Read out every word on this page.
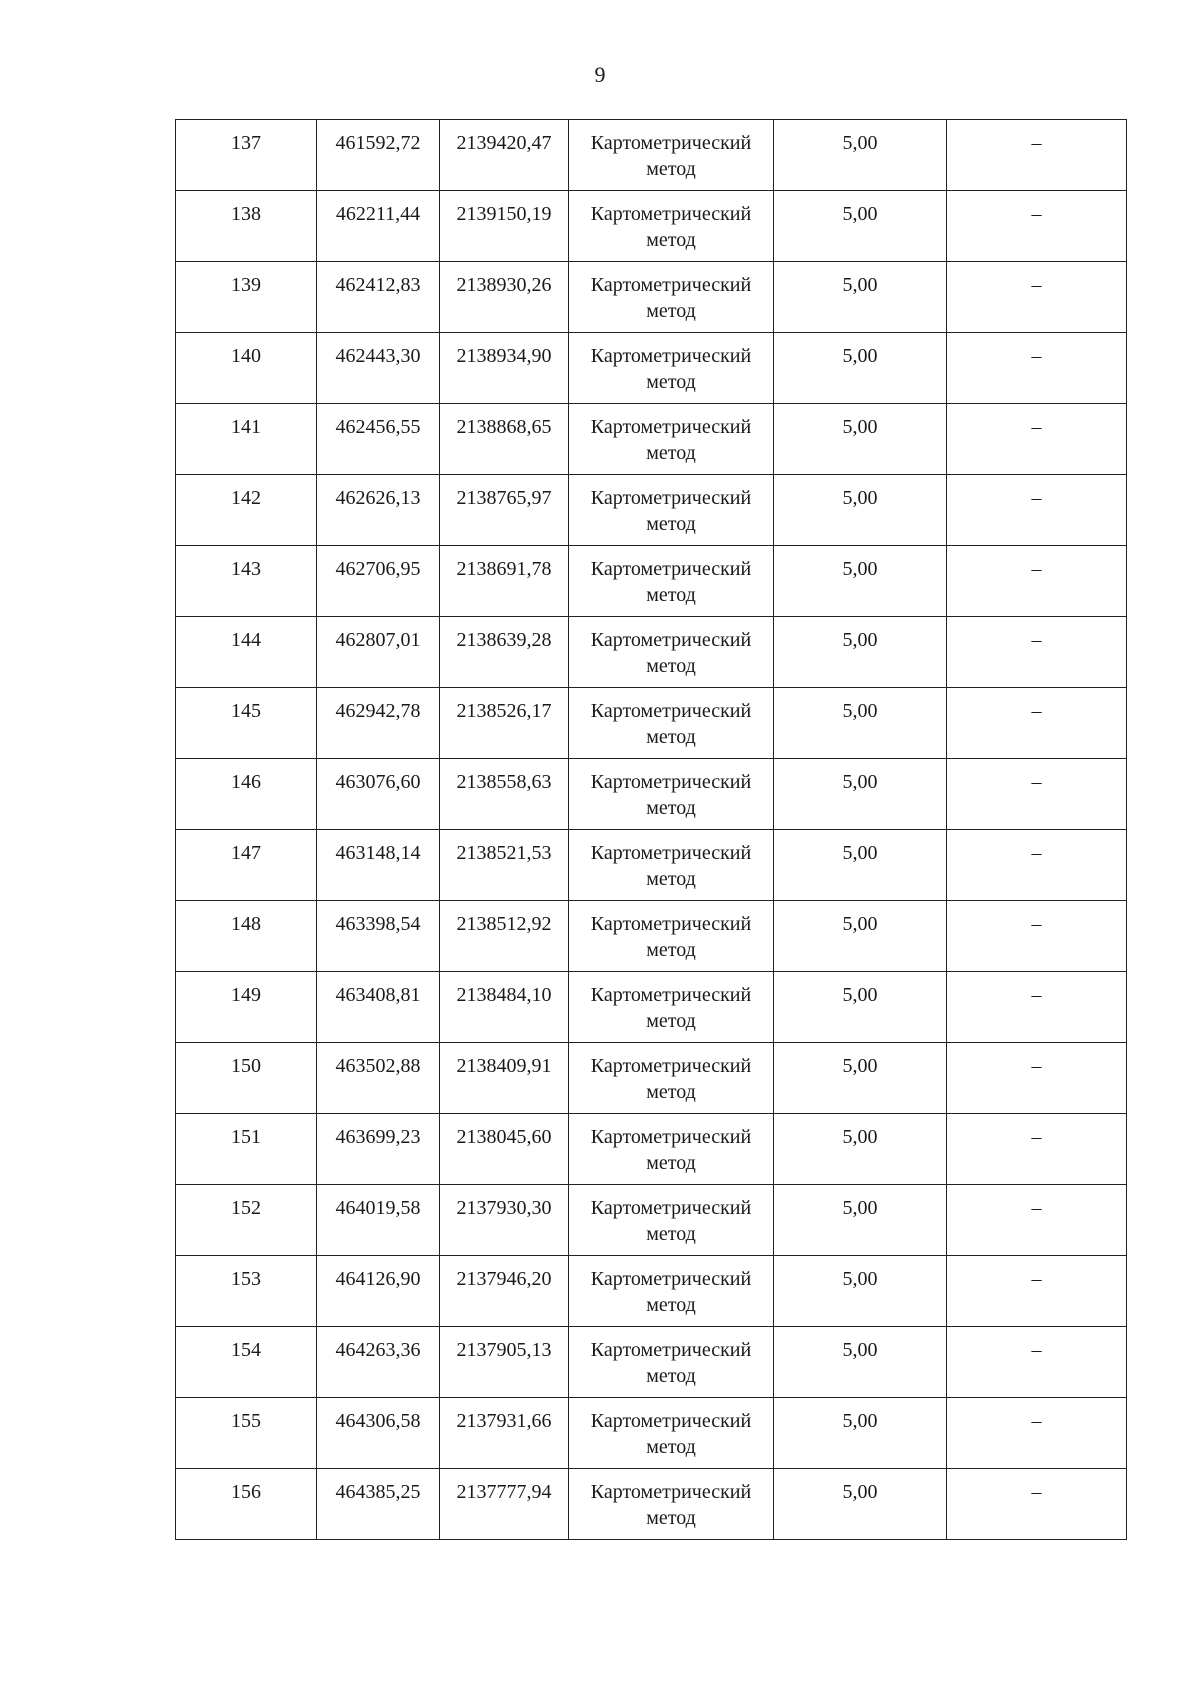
9
137	461592,72	2139420,47	Картометрический метод	5,00	–
138	462211,44	2139150,19	Картометрический метод	5,00	–
139	462412,83	2138930,26	Картометрический метод	5,00	–
140	462443,30	2138934,90	Картометрический метод	5,00	–
141	462456,55	2138868,65	Картометрический метод	5,00	–
142	462626,13	2138765,97	Картометрический метод	5,00	–
143	462706,95	2138691,78	Картометрический метод	5,00	–
144	462807,01	2138639,28	Картометрический метод	5,00	–
145	462942,78	2138526,17	Картометрический метод	5,00	–
146	463076,60	2138558,63	Картометрический метод	5,00	–
147	463148,14	2138521,53	Картометрический метод	5,00	–
148	463398,54	2138512,92	Картометрический метод	5,00	–
149	463408,81	2138484,10	Картометрический метод	5,00	–
150	463502,88	2138409,91	Картометрический метод	5,00	–
151	463699,23	2138045,60	Картометрический метод	5,00	–
152	464019,58	2137930,30	Картометрический метод	5,00	–
153	464126,90	2137946,20	Картометрический метод	5,00	–
154	464263,36	2137905,13	Картометрический метод	5,00	–
155	464306,58	2137931,66	Картометрический метод	5,00	–
156	464385,25	2137777,94	Картометрический метод	5,00	–
